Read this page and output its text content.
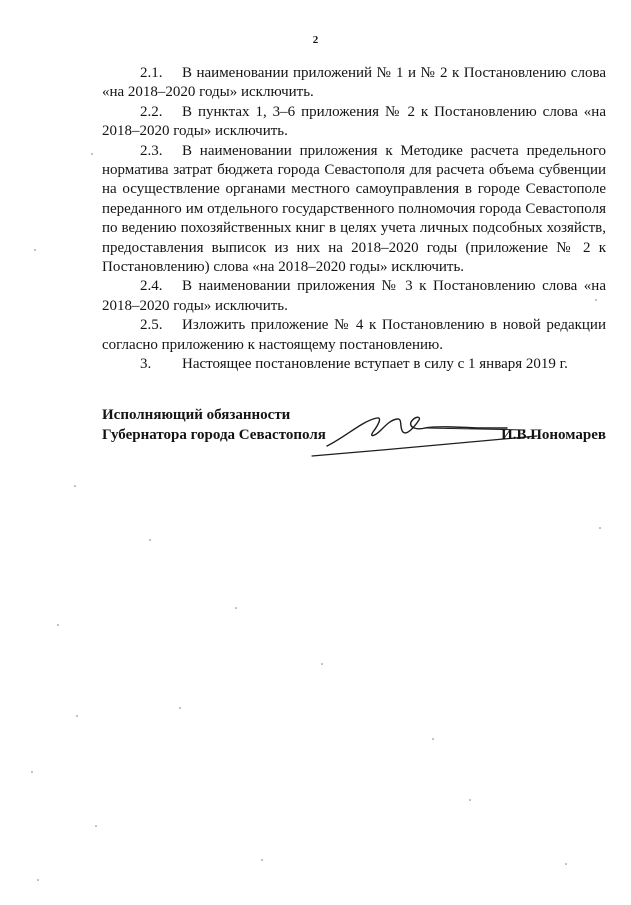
2

2.1. В наименовании приложений № 1 и № 2 к Постановлению слова «на 2018–2020 годы» исключить.

2.2. В пунктах 1, 3–6 приложения № 2 к Постановлению слова «на 2018–2020 годы» исключить.

2.3. В наименовании приложения к Методике расчета предельного норматива затрат бюджета города Севастополя для расчета объема субвенции на осуществление органами местного самоуправления в городе Севастополе переданного им отдельного государственного полномочия города Севастополя по ведению похозяйственных книг в целях учета личных подсобных хозяйств, предоставления выписок из них на 2018–2020 годы (приложение № 2 к Постановлению) слова «на 2018–2020 годы» исключить.

2.4. В наименовании приложения № 3 к Постановлению слова «на 2018–2020 годы» исключить.

2.5. Изложить приложение № 4 к Постановлению в новой редакции согласно приложению к настоящему постановлению.

3. Настоящее постановление вступает в силу с 1 января 2019 г.

Исполняющий обязанности
Губернатора города Севастополя	И.В.Пономарев
